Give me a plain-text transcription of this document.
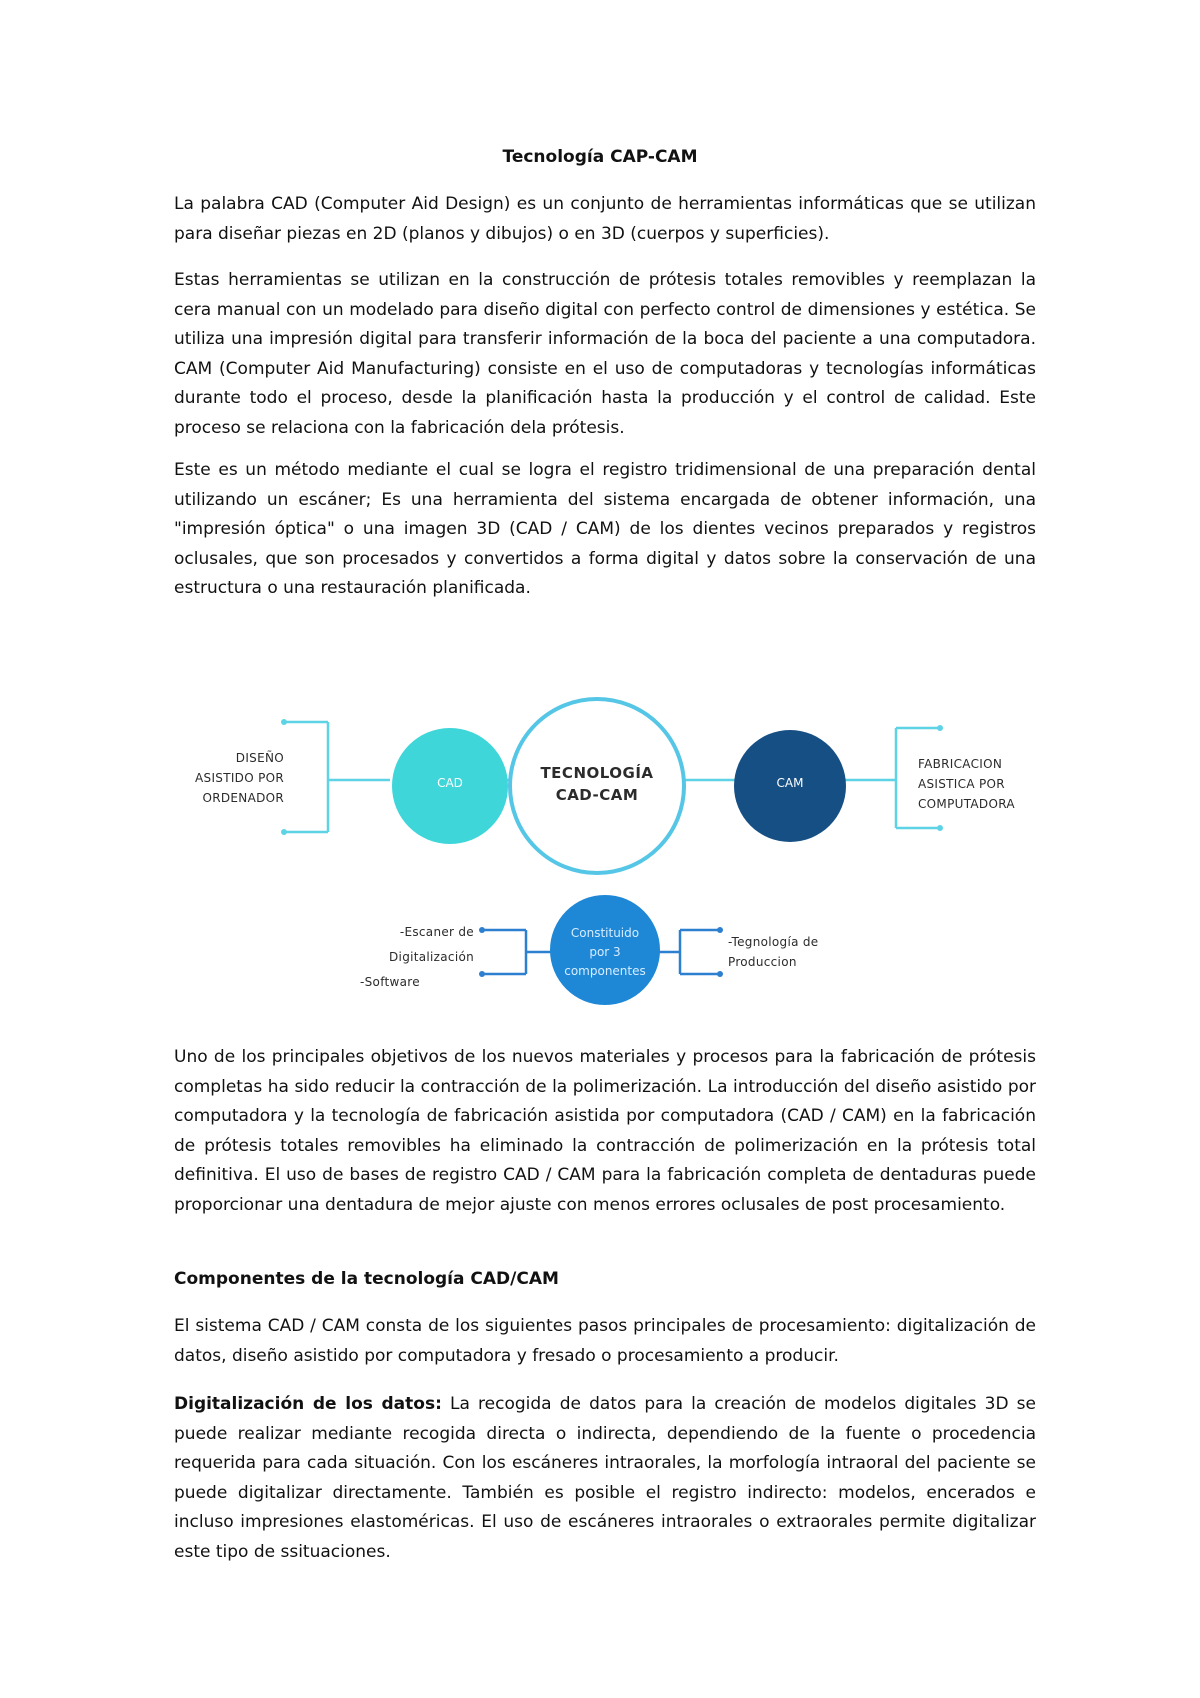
Tecnología CAP-CAM

La palabra CAD (Computer Aid Design) es un conjunto de herramientas informáticas que se utilizan para diseñar piezas en 2D (planos y dibujos) o en 3D (cuerpos y superficies).

Estas herramientas se utilizan en la construcción de prótesis totales removibles y reemplazan la cera manual con un modelado para diseño digital con perfecto control de dimensiones y estética. Se utiliza una impresión digital para transferir información de la boca del paciente a una computadora. CAM (Computer Aid Manufacturing) consiste en el uso de computadoras y tecnologías informáticas durante todo el proceso, desde la planificación hasta la producción y el control de calidad. Este proceso se relaciona con la fabricación dela prótesis.

Este es un método mediante el cual se logra el registro tridimensional de una preparación dental utilizando un escáner; Es una herramienta del sistema encargada de obtener información, una "impresión óptica" o una imagen 3D (CAD / CAM) de los dientes vecinos preparados y registros oclusales, que son procesados y convertidos a forma digital y datos sobre la conservación de una estructura o una restauración planificada.

DISEÑO
ASISTIDO POR
ORDENADOR
CAD
TECNOLOGÍA
CAD-CAM
CAM
FABRICACION
ASISTICA POR
COMPUTADORA
-Escaner de
Digitalización
-Software
Constituido
por 3
componentes
-Tegnología de
Produccion

Uno de los principales objetivos de los nuevos materiales y procesos para la fabricación de prótesis completas ha sido reducir la contracción de la polimerización. La introducción del diseño asistido por computadora y la tecnología de fabricación asistida por computadora (CAD / CAM) en la fabricación de prótesis totales removibles ha eliminado la contracción de polimerización en la prótesis total definitiva. El uso de bases de registro CAD / CAM para la fabricación completa de dentaduras puede proporcionar una dentadura de mejor ajuste con menos errores oclusales de post procesamiento.

Componentes de la tecnología CAD/CAM

El sistema CAD / CAM consta de los siguientes pasos principales de procesamiento: digitalización de datos, diseño asistido por computadora y fresado o procesamiento a producir.

Digitalización de los datos: La recogida de datos para la creación de modelos digitales 3D se puede realizar mediante recogida directa o indirecta, dependiendo de la fuente o procedencia requerida para cada situación. Con los escáneres intraorales, la morfología intraoral del paciente se puede digitalizar directamente. También es posible el registro indirecto: modelos, encerados e incluso impresiones elastoméricas. El uso de escáneres intraorales o extraorales permite digitalizar este tipo de ssituaciones.
